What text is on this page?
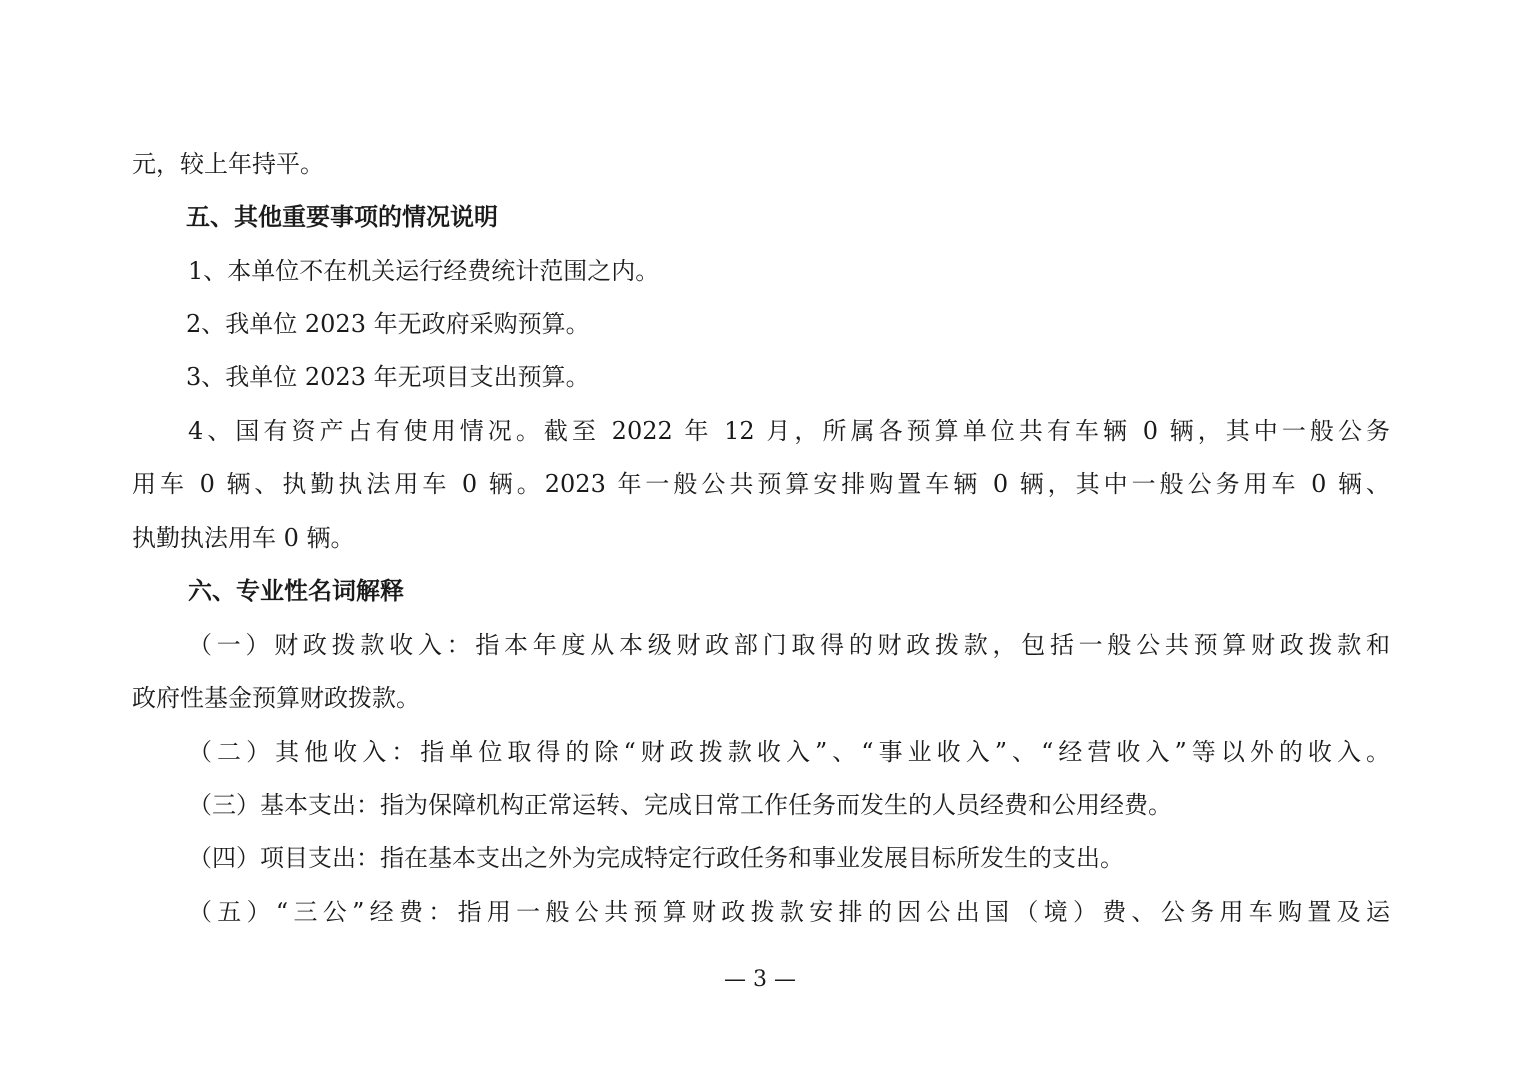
元，较上年持平。
五、其他重要事项的情况说明
1、本单位不在机关运行经费统计范围之内。
2、我单位 2023 年无政府采购预算。
3、我单位 2023 年无项目支出预算。
4、国有资产占有使用情况。截至 2022 年 12 月，所属各预算单位共有车辆 0 辆，其中一般公务
用车 0 辆、执勤执法用车 0 辆。2023 年一般公共预算安排购置车辆 0 辆，其中一般公务用车 0 辆、
执勤执法用车 0 辆。
六、专业性名词解释
（一）财政拨款收入：指本年度从本级财政部门取得的财政拨款，包括一般公共预算财政拨款和
政府性基金预算财政拨款。
（二）其他收入：指单位取得的除“财政拨款收入”、“事业收入”、“经营收入”等以外的收入。
（三）基本支出：指为保障机构正常运转、完成日常工作任务而发生的人员经费和公用经费。
（四）项目支出：指在基本支出之外为完成特定行政任务和事业发展目标所发生的支出。
（五）“三公”经费：指用一般公共预算财政拨款安排的因公出国（境）费、公务用车购置及运
— 3 —
